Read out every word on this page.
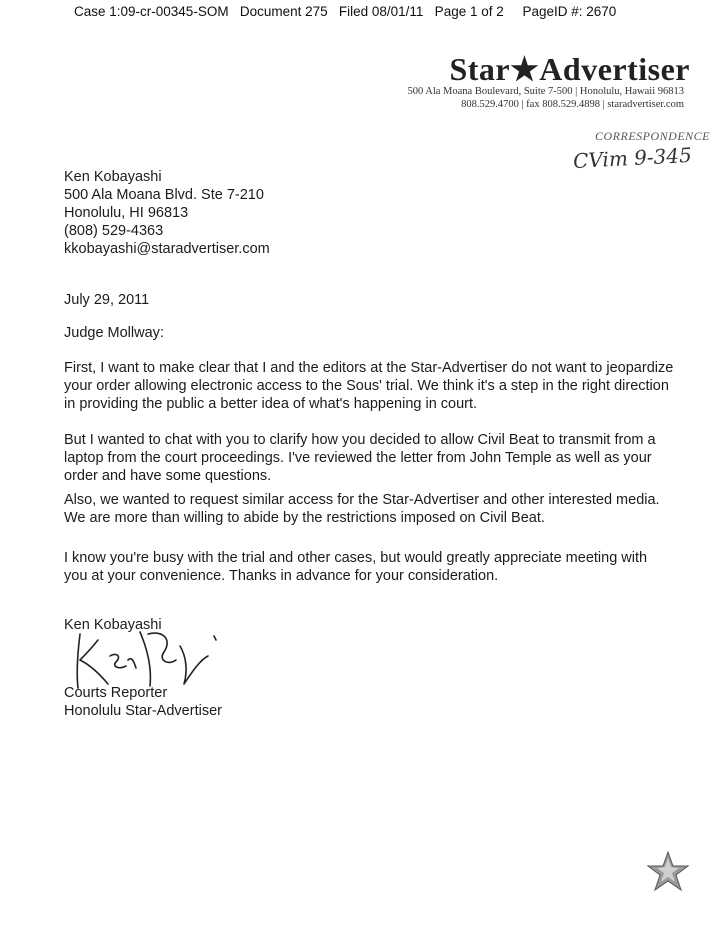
Case 1:09-cr-00345-SOM   Document 275   Filed 08/01/11   Page 1 of 2     PageID #: 2670
Star★Advertiser
500 Ala Moana Boulevard, Suite 7-500 | Honolulu, Hawaii 96813
808.529.4700 | fax 808.529.4898 | staradvertiser.com
CORRESPONDENCE
CVim 9-345
Ken Kobayashi
500 Ala Moana Blvd. Ste 7-210
Honolulu, HI 96813
(808) 529-4363
kkobayashi@staradvertiser.com
July 29, 2011
Judge Mollway:
First, I want to make clear that I and the editors at the Star-Advertiser do not want to jeopardize
your order allowing electronic access to the Sous' trial. We think it's a step in the right direction
in providing the public a better idea of what's happening in court.
But I wanted to chat with you to clarify how you decided to allow Civil Beat to transmit from a
laptop from the court proceedings. I've reviewed the letter from John Temple as well as your
order and have some questions.
Also, we wanted to request similar access for the Star-Advertiser and other interested media.
We are more than willing to abide by the restrictions imposed on Civil Beat.
I know you're busy with the trial and other cases, but would greatly appreciate meeting with
you at your convenience. Thanks in advance for your consideration.
Ken Kobayashi
Courts Reporter
Honolulu Star-Advertiser
